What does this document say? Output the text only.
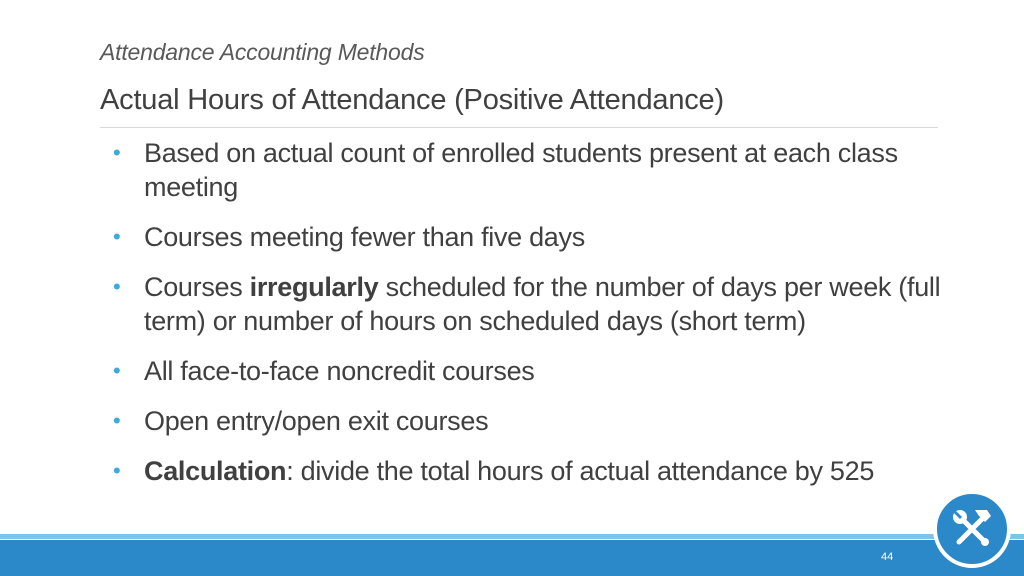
Attendance Accounting Methods
Actual Hours of Attendance (Positive Attendance)
• Based on actual count of enrolled students present at each class meeting
• Courses meeting fewer than five days
• Courses irregularly scheduled for the number of days per week (full term) or number of hours on scheduled days (short term)
• All face-to-face noncredit courses
• Open entry/open exit courses
• Calculation: divide the total hours of actual attendance by 525
44
